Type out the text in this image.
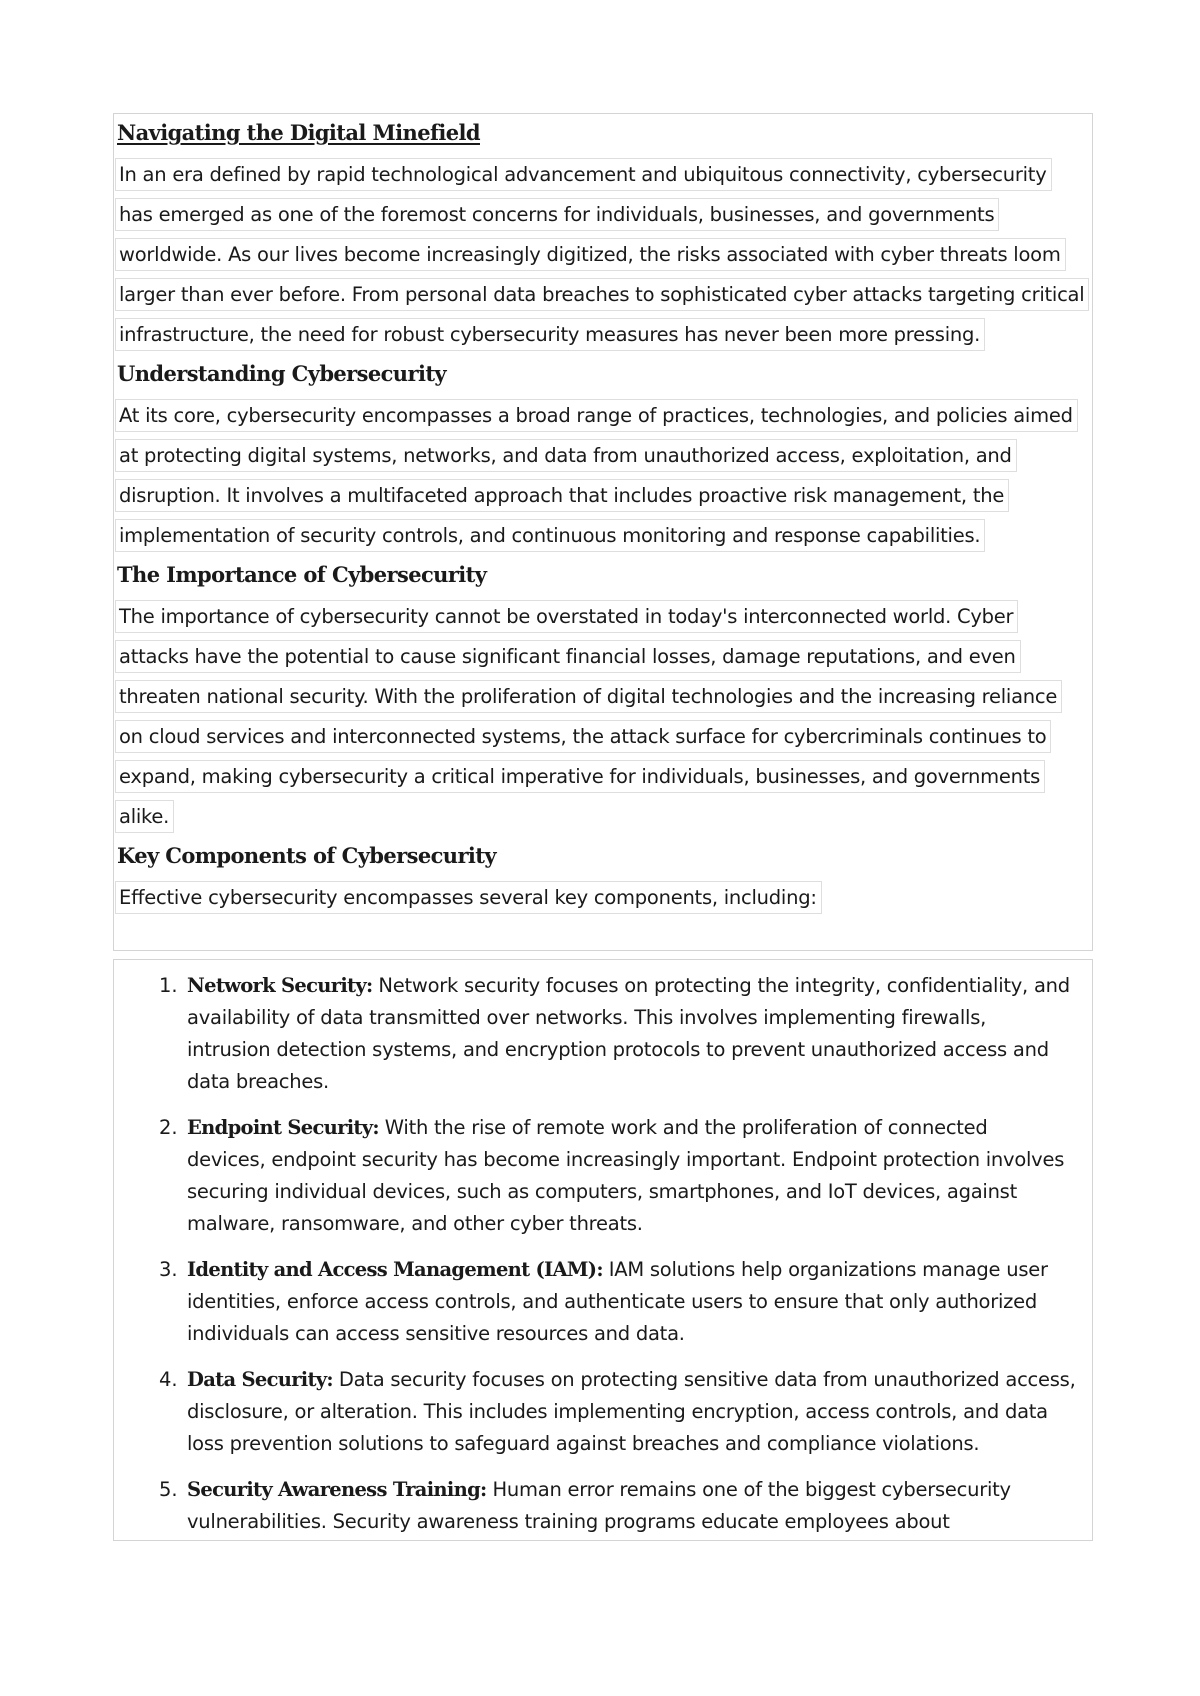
Navigating the Digital Minefield
In an era defined by rapid technological advancement and ubiquitous connectivity, cybersecurity
has emerged as one of the foremost concerns for individuals, businesses, and governments
worldwide. As our lives become increasingly digitized, the risks associated with cyber threats loom
larger than ever before. From personal data breaches to sophisticated cyber attacks targeting critical
infrastructure, the need for robust cybersecurity measures has never been more pressing.
Understanding Cybersecurity
At its core, cybersecurity encompasses a broad range of practices, technologies, and policies aimed
at protecting digital systems, networks, and data from unauthorized access, exploitation, and
disruption. It involves a multifaceted approach that includes proactive risk management, the
implementation of security controls, and continuous monitoring and response capabilities.
The Importance of Cybersecurity
The importance of cybersecurity cannot be overstated in today's interconnected world. Cyber
attacks have the potential to cause significant financial losses, damage reputations, and even
threaten national security. With the proliferation of digital technologies and the increasing reliance
on cloud services and interconnected systems, the attack surface for cybercriminals continues to
expand, making cybersecurity a critical imperative for individuals, businesses, and governments
alike.
Key Components of Cybersecurity
Effective cybersecurity encompasses several key components, including:
1. Network Security: Network security focuses on protecting the integrity, confidentiality, and
availability of data transmitted over networks. This involves implementing firewalls,
intrusion detection systems, and encryption protocols to prevent unauthorized access and
data breaches.
2. Endpoint Security: With the rise of remote work and the proliferation of connected
devices, endpoint security has become increasingly important. Endpoint protection involves
securing individual devices, such as computers, smartphones, and IoT devices, against
malware, ransomware, and other cyber threats.
3. Identity and Access Management (IAM): IAM solutions help organizations manage user
identities, enforce access controls, and authenticate users to ensure that only authorized
individuals can access sensitive resources and data.
4. Data Security: Data security focuses on protecting sensitive data from unauthorized access,
disclosure, or alteration. This includes implementing encryption, access controls, and data
loss prevention solutions to safeguard against breaches and compliance violations.
5. Security Awareness Training: Human error remains one of the biggest cybersecurity
vulnerabilities. Security awareness training programs educate employees about
